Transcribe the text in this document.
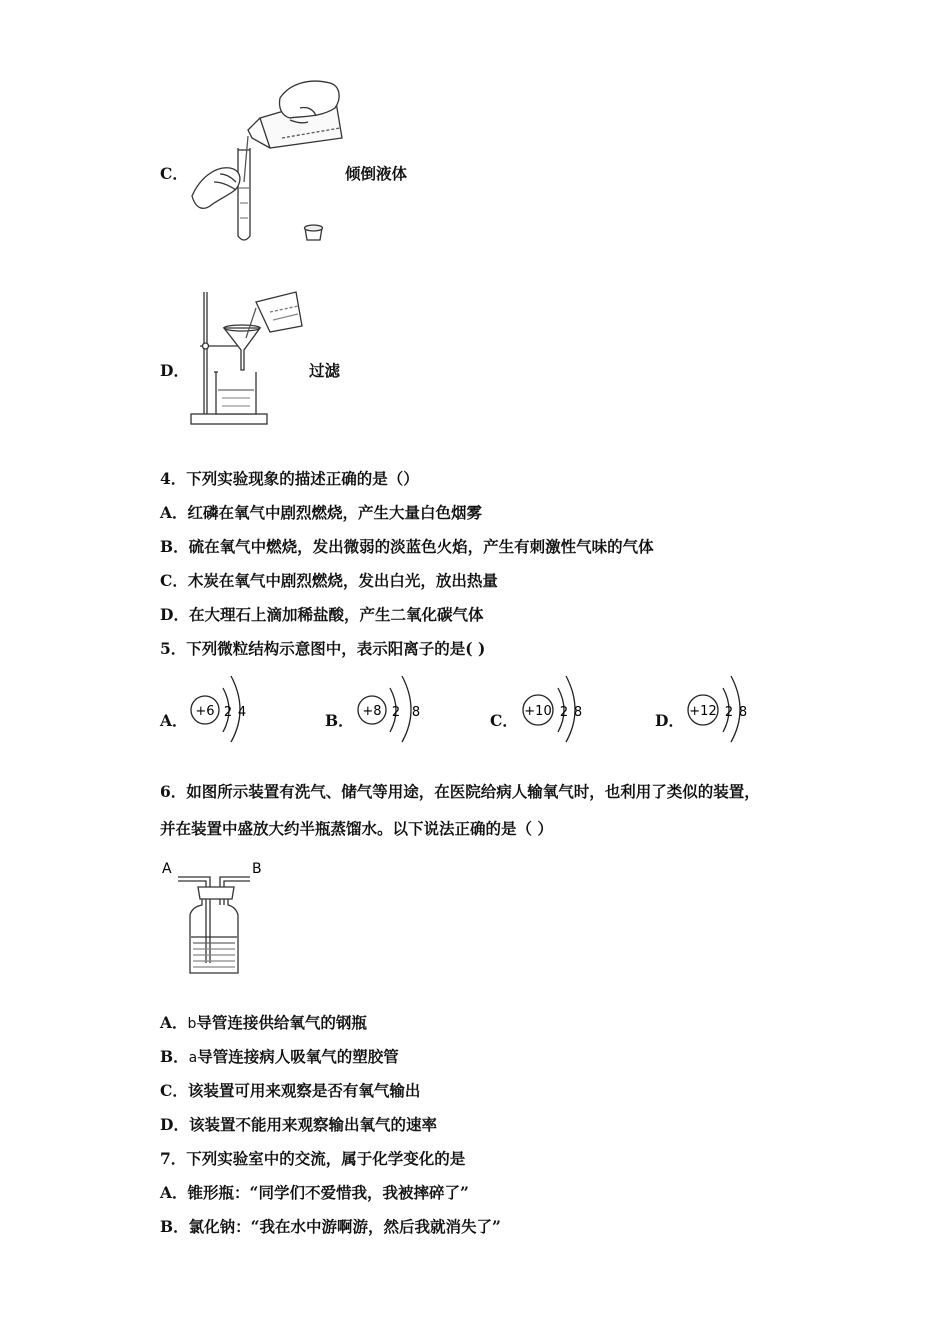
C．	倾倒液体
D．	过滤
4．下列实验现象的描述正确的是（）
A．红磷在氧气中剧烈燃烧，产生大量白色烟雾
B．硫在氧气中燃烧，发出微弱的淡蓝色火焰，产生有刺激性气味的气体
C．木炭在氧气中剧烈燃烧，发出白光，放出热量
D．在大理石上滴加稀盐酸，产生二氧化碳气体
5．下列微粒结构示意图中，表示阳离子的是( )
A． +6 2 4	B． +8 2 8	C． +10 2 8	D． +12 2 8
6．如图所示装置有洗气、储气等用途，在医院给病人输氧气时，也利用了类似的装置，
并在装置中盛放大约半瓶蒸馏水。以下说法正确的是（ ）
A	B
A．b导管连接供给氧气的钢瓶
B．a导管连接病人吸氧气的塑胶管
C．该装置可用来观察是否有氧气输出
D．该装置不能用来观察输出氧气的速率
7．下列实验室中的交流，属于化学变化的是
A．锥形瓶：“同学们不爱惜我，我被摔碎了”
B．氯化钠：“我在水中游啊游，然后我就消失了”
